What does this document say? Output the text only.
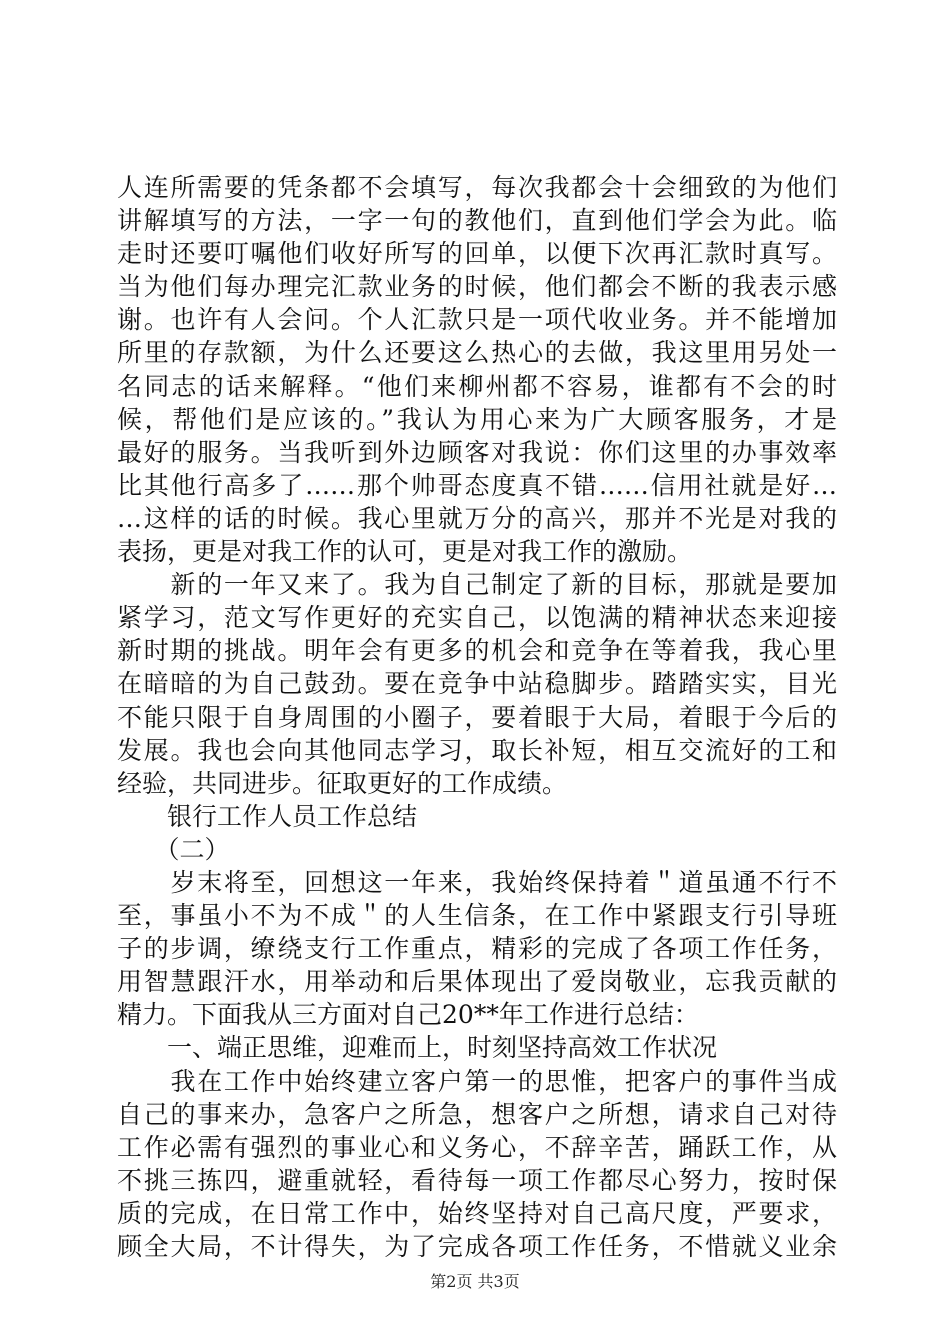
人连所需要的凭条都不会填写，每次我都会十会细致的为他们
讲解填写的方法，一字一句的教他们，直到他们学会为此。临
走时还要叮嘱他们收好所写的回单，以便下次再汇款时真写。
当为他们每办理完汇款业务的时候，他们都会不断的我表示感
谢。也许有人会问。个人汇款只是一项代收业务。并不能增加
所里的存款额，为什么还要这么热心的去做，我这里用另处一
名同志的话来解释。“他们来柳州都不容易，谁都有不会的时
候，帮他们是应该的。”我认为用心来为广大顾客服务，才是
最好的服务。当我听到外边顾客对我说：你们这里的办事效率
比其他行高多了……那个帅哥态度真不错……信用社就是好…
…这样的话的时候。我心里就万分的高兴，那并不光是对我的
表扬，更是对我工作的认可，更是对我工作的激励。
　　新的一年又来了。我为自己制定了新的目标，那就是要加
紧学习，范文写作更好的充实自己，以饱满的精神状态来迎接
新时期的挑战。明年会有更多的机会和竞争在等着我，我心里
在暗暗的为自己鼓劲。要在竞争中站稳脚步。踏踏实实，目光
不能只限于自身周围的小圈子，要着眼于大局，着眼于今后的
发展。我也会向其他同志学习，取长补短，相互交流好的工和
经验，共同进步。征取更好的工作成绩。
　　银行工作人员工作总结
　　（二）
　　岁末将至，回想这一年来，我始终保持着＂道虽通不行不
至，事虽小不为不成＂的人生信条，在工作中紧跟支行引导班
子的步调，缭绕支行工作重点，精彩的完成了各项工作任务，
用智慧跟汗水，用举动和后果体现出了爱岗敬业，忘我贡献的
精力。下面我从三方面对自己20**年工作进行总结：
　　一、端正思维，迎难而上，时刻坚持高效工作状况
　　我在工作中始终建立客户第一的思惟，把客户的事件当成
自己的事来办，急客户之所急，想客户之所想，请求自己对待
工作必需有强烈的事业心和义务心，不辞辛苦，踊跃工作，从
不挑三拣四，避重就轻，看待每一项工作都尽心努力，按时保
质的完成，在日常工作中，始终坚持对自己高尺度，严要求，
顾全大局，不计得失，为了完成各项工作任务，不惜就义业余
第2页 共3页
